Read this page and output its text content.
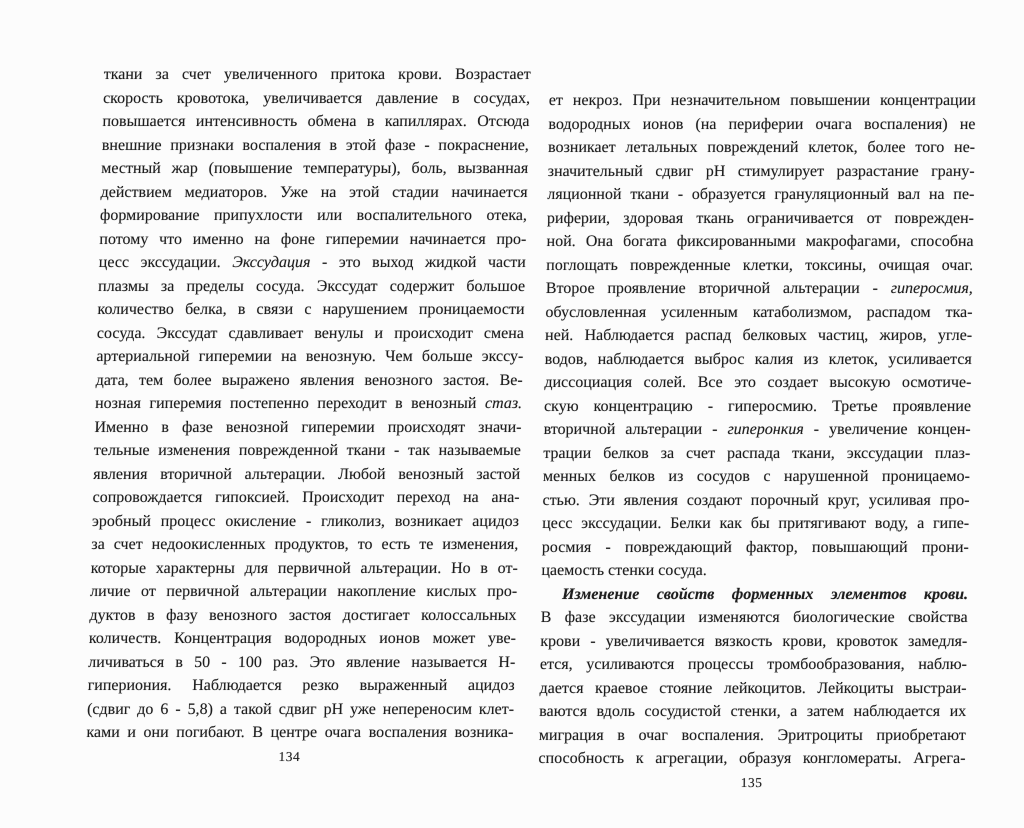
ткани за счет увеличенного притока крови. Возрастает
скорость кровотока, увеличивается давление в сосудах,
повышается интенсивность обмена в капиллярах. Отсюда
внешние признаки воспаления в этой фазе - покраснение,
местный жар (повышение температуры), боль, вызванная
действием медиаторов. Уже на этой стадии начинается
формирование припухлости или воспалительного отека,
потому что именно на фоне гиперемии начинается про-
цесс экссудации. Экссудация - это выход жидкой части
плазмы за пределы сосуда. Экссудат содержит большое
количество белка, в связи с нарушением проницаемости
сосуда. Экссудат сдавливает венулы и происходит смена
артериальной гиперемии на венозную. Чем больше экссу-
дата, тем более выражено явления венозного застоя. Ве-
нозная гиперемия постепенно переходит в венозный стаз.
Именно в фазе венозной гиперемии происходят значи-
тельные изменения поврежденной ткани - так называемые
явления вторичной альтерации. Любой венозный застой
сопровождается гипоксией. Происходит переход на ана-
эробный процесс окисление - гликолиз, возникает ацидоз
за счет недоокисленных продуктов, то есть те изменения,
которые характерны для первичной альтерации. Но в от-
личие от первичной альтерации накопление кислых про-
дуктов в фазу венозного застоя достигает колоссальных
количеств. Концентрация водородных ионов может уве-
личиваться в 50 - 100 раз. Это явление называется Н-
гипериония. Наблюдается резко выраженный ацидоз
(сдвиг до 6 - 5,8) а такой сдвиг pH уже непереносим клет-
ками и они погибают. В центре очага воспаления возника-
134
ет некроз. При незначительном повышении концентрации
водородных ионов (на периферии очага воспаления) не
возникает летальных повреждений клеток, более того не-
значительный сдвиг pH стимулирует разрастание грану-
ляционной ткани - образуется грануляционный вал на пе-
риферии, здоровая ткань ограничивается от поврежден-
ной. Она богата фиксированными макрофагами, способна
поглощать поврежденные клетки, токсины, очищая очаг.
Второе проявление вторичной альтерации - гиперосмия,
обусловленная усиленным катаболизмом, распадом тка-
ней. Наблюдается распад белковых частиц, жиров, угле-
водов, наблюдается выброс калия из клеток, усиливается
диссоциация солей. Все это создает высокую осмотиче-
скую концентрацию - гиперосмию. Третье проявление
вторичной альтерации - гиперонкия - увеличение концен-
трации белков за счет распада ткани, экссудации плаз-
менных белков из сосудов с нарушенной проницаемо-
стью. Эти явления создают порочный круг, усиливая про-
цесс экссудации. Белки как бы притягивают воду, а гипе-
росмия - повреждающий фактор, повышающий прони-
цаемость стенки сосуда.
Изменение свойств форменных элементов крови.
В фазе экссудации изменяются биологические свойства
крови - увеличивается вязкость крови, кровоток замедля-
ется, усиливаются процессы тромбообразования, наблю-
дается краевое стояние лейкоцитов. Лейкоциты выстраи-
ваются вдоль сосудистой стенки, а затем наблюдается их
миграция в очаг воспаления. Эритроциты приобретают
способность к агрегации, образуя конгломераты. Агрега-
135
